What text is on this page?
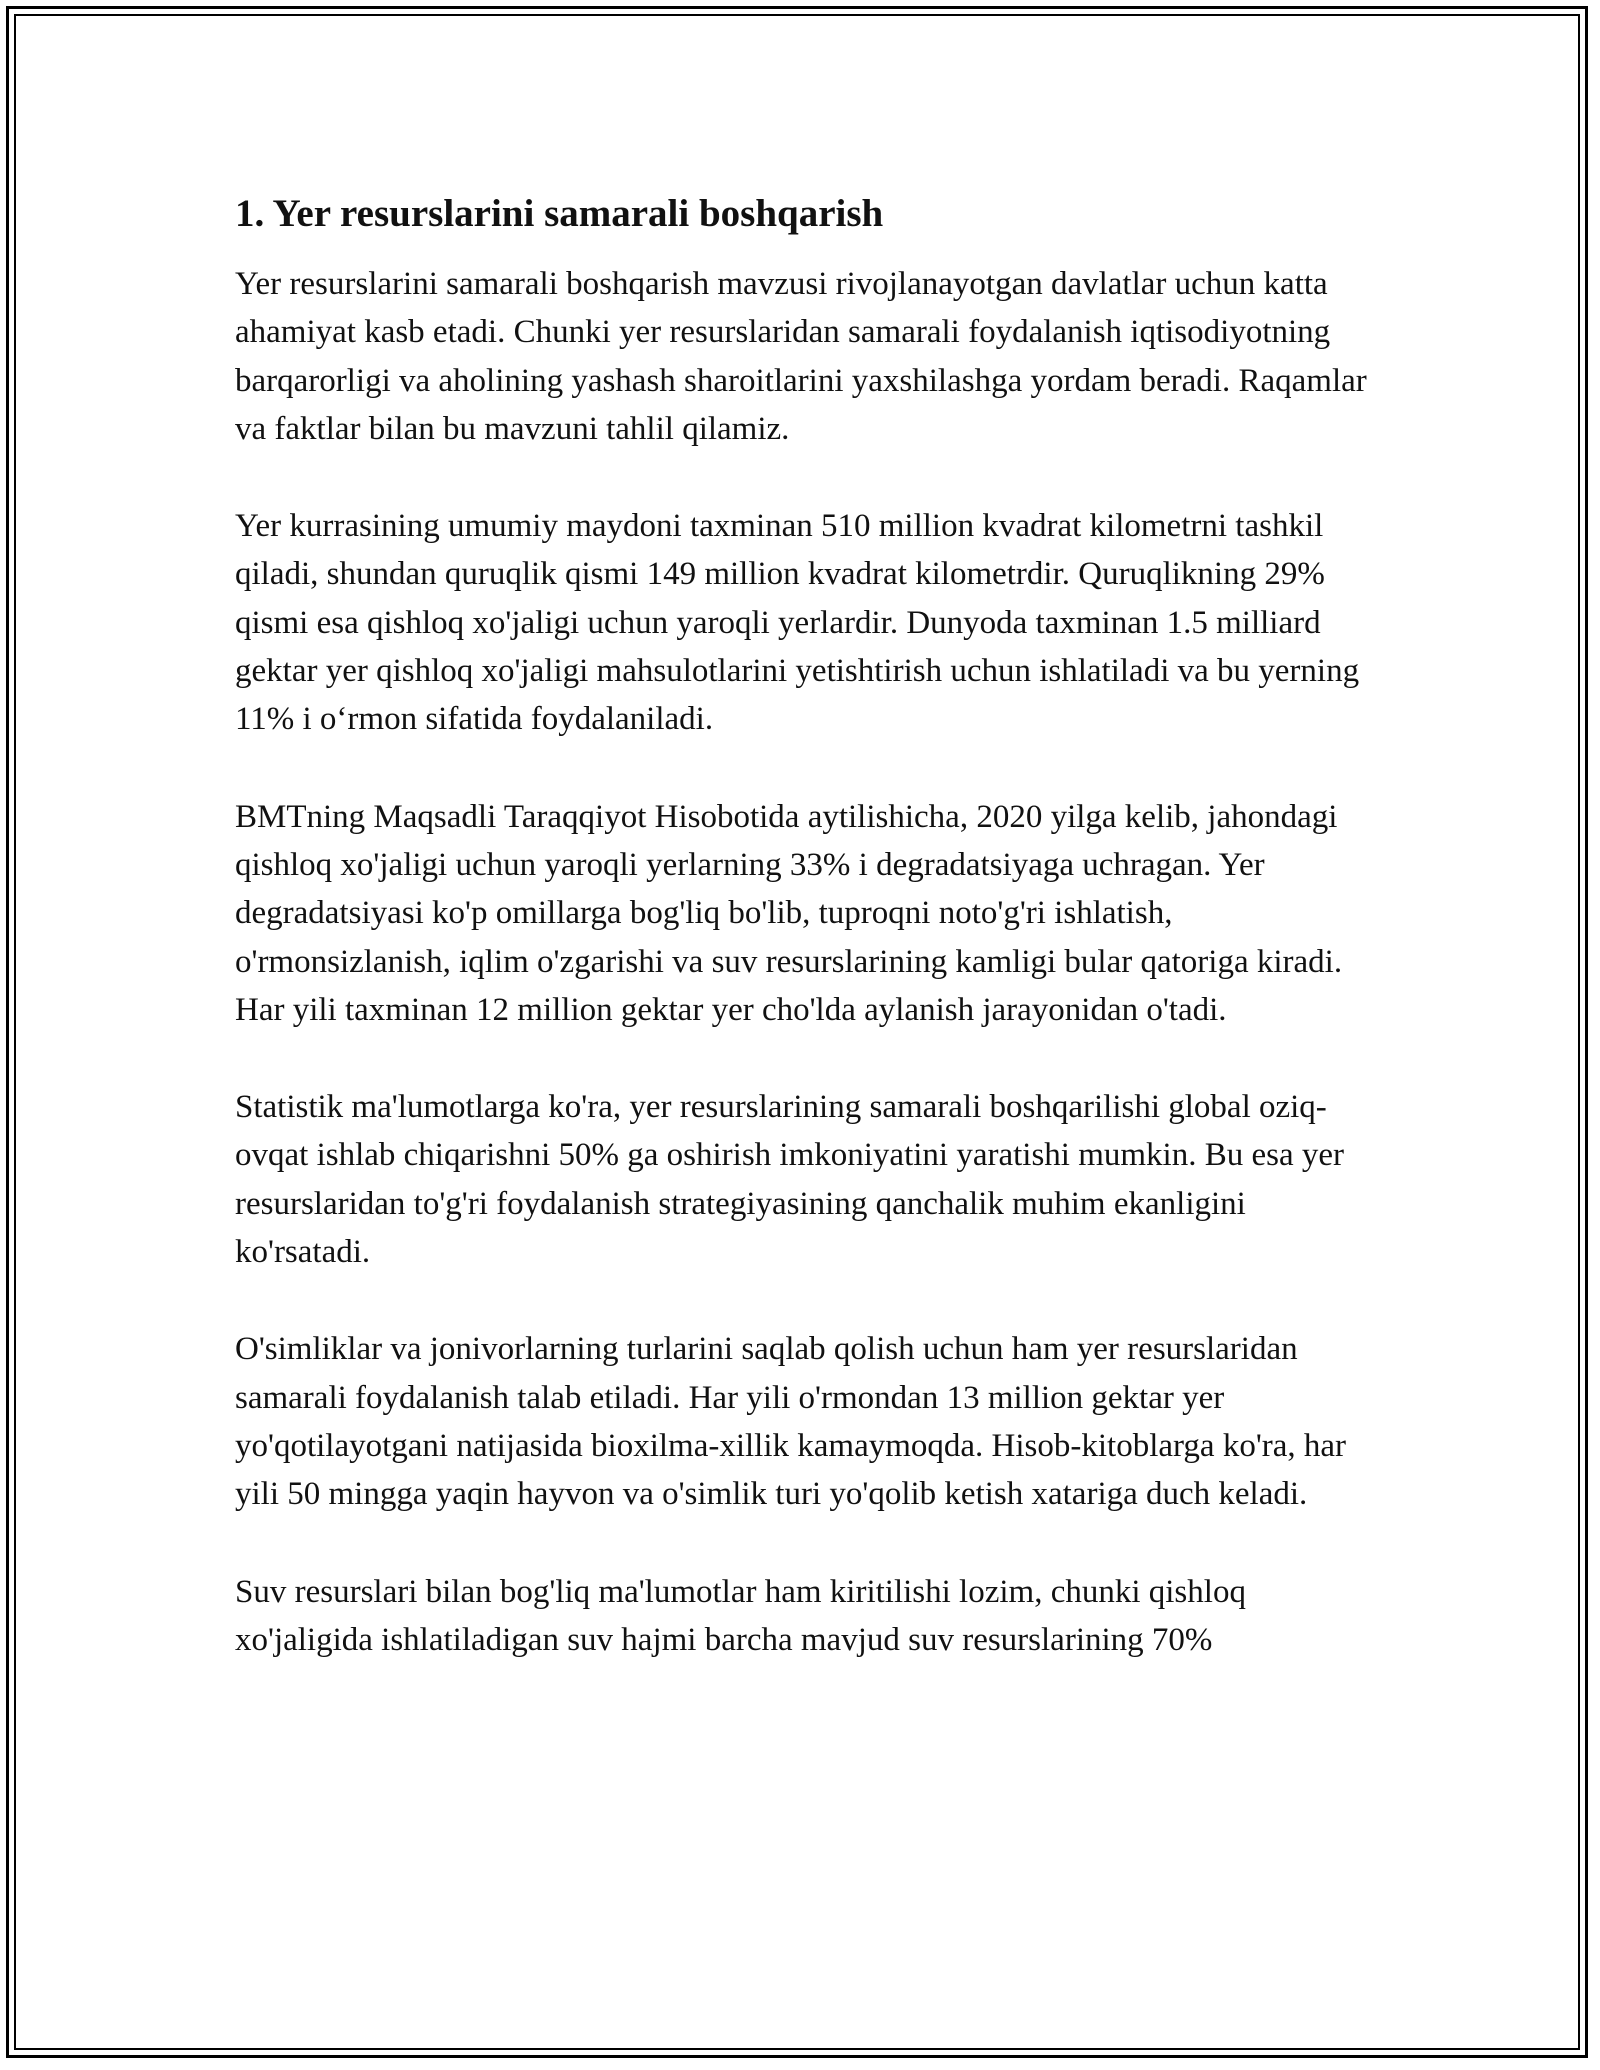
1. Yer resurslarini samarali boshqarish

Yer resurslarini samarali boshqarish mavzusi rivojlanayotgan davlatlar uchun katta ahamiyat kasb etadi. Chunki yer resurslaridan samarali foydalanish iqtisodiyotning barqarorligi va aholining yashash sharoitlarini yaxshilashga yordam beradi. Raqamlar va faktlar bilan bu mavzuni tahlil qilamiz.

Yer kurrasining umumiy maydoni taxminan 510 million kvadrat kilometrni tashkil qiladi, shundan quruqlik qismi 149 million kvadrat kilometrdir. Quruqlikning 29% qismi esa qishloq xo'jaligi uchun yaroqli yerlardir. Dunyoda taxminan 1.5 milliard gektar yer qishloq xo'jaligi mahsulotlarini yetishtirish uchun ishlatiladi va bu yerning 11% i o‘rmon sifatida foydalaniladi.

BMTning Maqsadli Taraqqiyot Hisobotida aytilishicha, 2020 yilga kelib, jahondagi qishloq xo'jaligi uchun yaroqli yerlarning 33% i degradatsiyaga uchragan. Yer degradatsiyasi ko'p omillarga bog'liq bo'lib, tuproqni noto'g'ri ishlatish, o'rmonsizlanish, iqlim o'zgarishi va suv resurslarining kamligi bular qatoriga kiradi. Har yili taxminan 12 million gektar yer cho'lda aylanish jarayonidan o'tadi.

Statistik ma'lumotlarga ko'ra, yer resurslarining samarali boshqarilishi global oziq-ovqat ishlab chiqarishni 50% ga oshirish imkoniyatini yaratishi mumkin. Bu esa yer resurslaridan to'g'ri foydalanish strategiyasining qanchalik muhim ekanligini ko'rsatadi.

O'simliklar va jonivorlarning turlarini saqlab qolish uchun ham yer resurslaridan samarali foydalanish talab etiladi. Har yili o'rmondan 13 million gektar yer yo'qotilayotgani natijasida bioxilma-xillik kamaymoqda. Hisob-kitoblarga ko'ra, har yili 50 mingga yaqin hayvon va o'simlik turi yo'qolib ketish xatariga duch keladi.

Suv resurslari bilan bog'liq ma'lumotlar ham kiritilishi lozim, chunki qishloq xo'jaligida ishlatiladigan suv hajmi barcha mavjud suv resurslarining 70%
